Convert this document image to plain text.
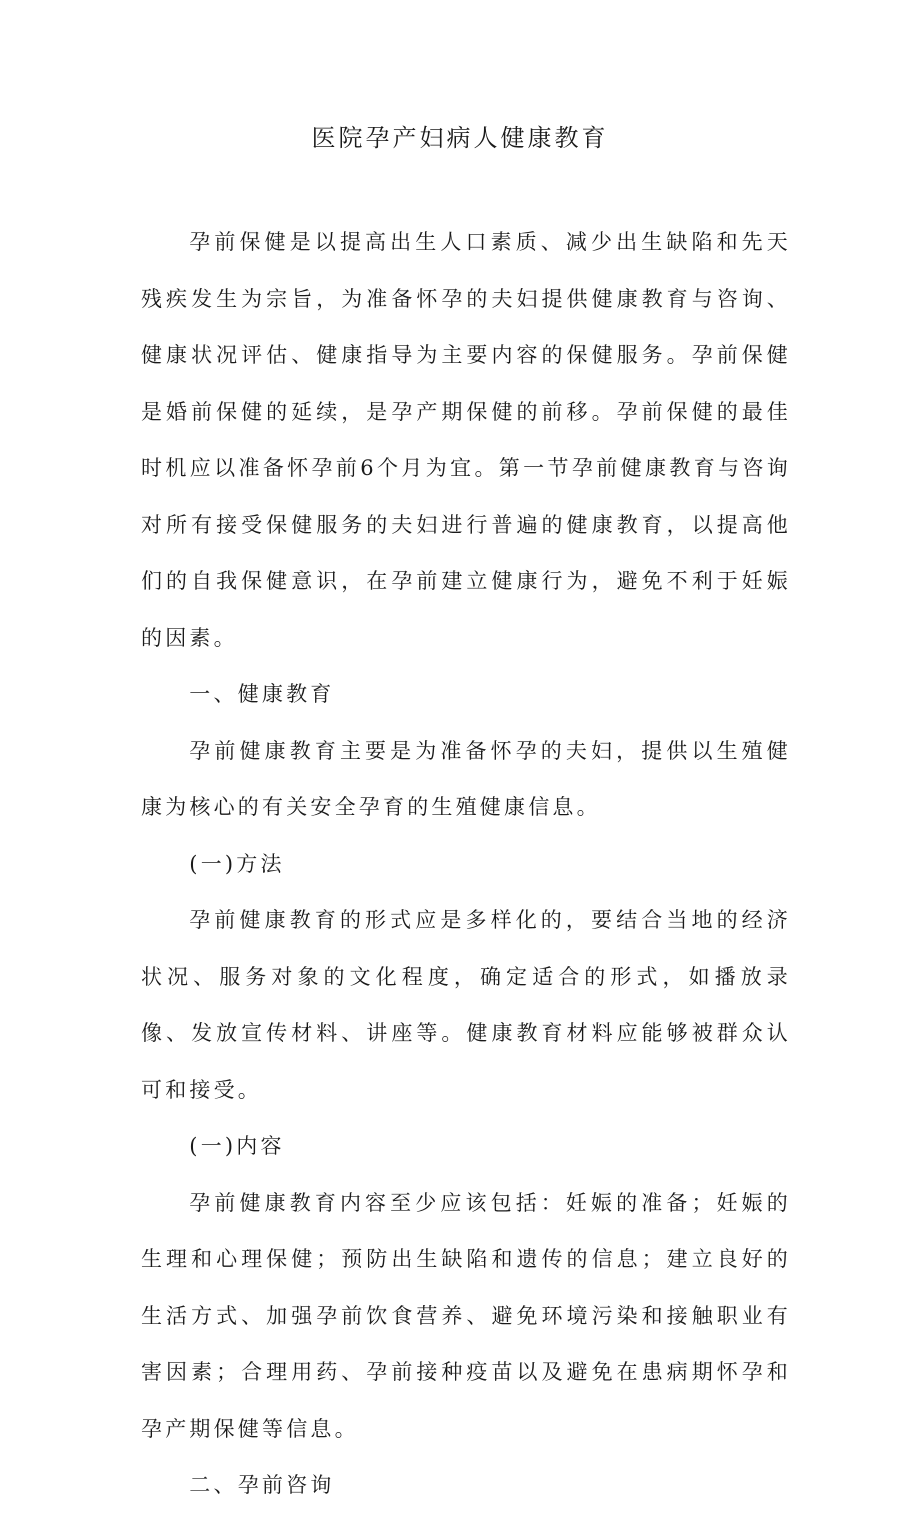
医院孕产妇病人健康教育

孕前保健是以提高出生人口素质、减少出生缺陷和先天残疾发生为宗旨，为准备怀孕的夫妇提供健康教育与咨询、健康状况评估、健康指导为主要内容的保健服务。孕前保健是婚前保健的延续，是孕产期保健的前移。孕前保健的最佳时机应以准备怀孕前6个月为宜。第一节孕前健康教育与咨询对所有接受保健服务的夫妇进行普遍的健康教育，以提高他们的自我保健意识，在孕前建立健康行为，避免不利于妊娠的因素。

一、健康教育

孕前健康教育主要是为准备怀孕的夫妇，提供以生殖健康为核心的有关安全孕育的生殖健康信息。

(一)方法

孕前健康教育的形式应是多样化的，要结合当地的经济状况、服务对象的文化程度，确定适合的形式，如播放录像、发放宣传材料、讲座等。健康教育材料应能够被群众认可和接受。

(一)内容

孕前健康教育内容至少应该包括：妊娠的准备；妊娠的生理和心理保健；预防出生缺陷和遗传的信息；建立良好的生活方式、加强孕前饮食营养、避免环境污染和接触职业有害因素；合理用药、孕前接种疫苗以及避免在患病期怀孕和孕产期保健等信息。

二、孕前咨询
